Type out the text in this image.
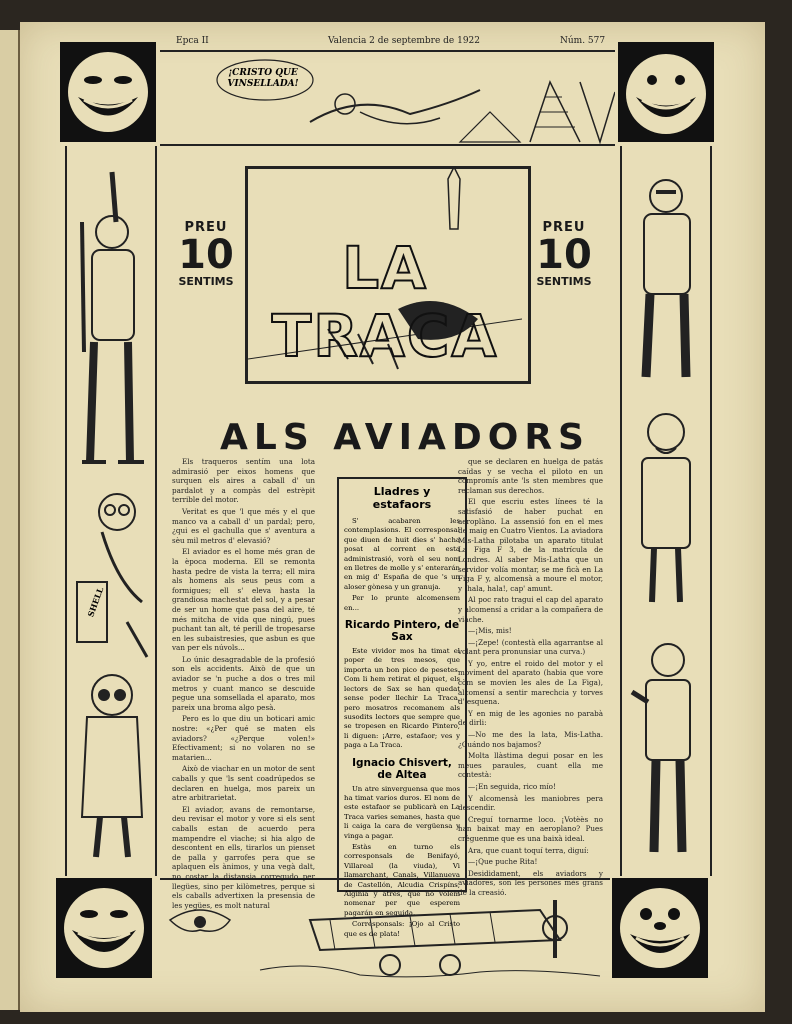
Epca II	Valencia 2 de septembre de 1922	Núm. 577
¡CRISTO QUE VINSELLADA!
SHELL
LA TRACA
PREU
10
SENTIMS
PREU
10
SENTIMS
ALS AVIADORS

Els traqueros sentím una lota admirasió per eixos homens que surquen els aires a caball d' un pardalot y a compàs del estrèpit terrible del motor.

Veritat es que 'l que més y el que manco va a caball d' un pardal; pero, ¿qui es el gachulla que s' aventura a sèu mil metros d' elevasió?

El aviador es el home més gran de la època moderna. Ell se remonta hasta pedre de vista la terra; ell mira als homens als seus peus com a formigues; ell s' eleva hasta la grandiosa machestat del sol, y a pesar de ser un home que pasa del aire, té més mitcha de vida que ningú, pues puchant tan alt, té perill de tropesarse en les subaistresies, que asbun es que van per els núvols...

Lo únic desagradable de la profesió son els accidents. Això de que un aviador se 'n puche a dos o tres mil metros y cuant manco se descuide pegue una somsellada el aparato, mos pareix una broma algo pesà.

Pero es lo que diu un boticari amic nostre: «¿Per qué se maten els aviadors? «¿Perque volen!» Efectivament; si no volaren no se matarien...

Això de viachar en un motor de sent caballs y que 'ls sent coadrúpedos se declaren en huelga, mos pareix un atre arbitrarietat.

El aviador, avans de remontarse, deu revisar el motor y vore si els sent caballs estan de acuerdo pera mampendre el viache; si hia algo de descontent en ells, tirarlos un pienset de palla y garrofes pera que se aplaquen els ànimos, y una vegà dalt, no costar la distansia corregudo per llegües, sino per kilòmetres, perque si els caballs advertixen la presensia de les yegües, es molt natural

Lladres y estafaors

S' acabaren les contemplasions. El corresponsal que diuen de huit dies s' hacha posat al corrent en esta administrasió, vorà el seu nom en lletres de molle y s' enterarán en mig d' España de que 's un aloser gònesa y un granuja.

Per lo prunte alcomensem en...

Ricardo Pintero, de Sax

Este vividor mos ha timat el poper de tres mesos, que importa un bon pico de pesetes. Com li hem retirat el piquet, els lectors de Sax se han quedat sense poder llechir La Traca, pero mosatros recomanem als susodits lectors que sempre que se tropesen en Ricardo Pintero, li diguen: ¡Arre, estafaor; ves y paga a La Traca.

Ignacio Chisvert, de Altea

Un atre sinverguensa que mos ha timat varios duros. El nom de este estafaor se publicarà en La Traca varies semanes, hasta que li caiga la cara de vergüensa y vinga a pagar.

Estàs en turno els corresponsals de Benifayó, Villareal (la viuda), Vi llamarchant, Canals, Villanueva de Castellón, Alcudia Crispíns, Alginia y atres, que no volem nomenar per que esperem pagarán en seguida.

Corresponsals: ¡Ojo al Cristo que es de plata!

que se declaren en huelga de patás caídas y se vecha el piloto en un compromís ante 'ls sten membres que reclaman sus derechos.

El que escriu estes línees té la satisfasió de haber puchat en aeroplàno. La assensió fon en el mes de maig en Cuatro Vientos. La aviadora Mis-Latha pilotaba un aparato titulat La Figa F 3, de la matrícula de Londres. Al saber Mis-Latha que un servidor volía montar, se me ficà en La Figa F y, alcomensà a moure el motor, y ¡hala, hala!, cap' amunt.

Al poc rato tragui el cap del aparato y alcomensí a cridar a la compañera de viache.

—¡Mis, mis!

—¡Zepe! (contestà ella agarrantse al volant pera pronunsiar una curva.)

Y yo, entre el roido del motor y el moviment del aparato (habia que vore còm se movien les ales de La Figa), alcomensí a sentir marechcia y torves d' esquena.

Y en mig de les agonies no parabà de dirli:

—No me des la lata, Mis-Latha. ¿Cuándo nos bajamos?

Molta llàstima degui posar en les meues paraules, cuant ella me contestà:

—¡En seguida, rico mío!

Y alcomensà les maniobres pera descendir.

Creguí tornarme loco. ¡Votèès no han baixat may en aeroplano? Pues crèguenme que es una baixà ideal.

Ara, que cuant toquí terra, diguí:

—¡Que puche Rita!

Desididament, els aviadors y aviadores, son les persones més grans de la creasió.
